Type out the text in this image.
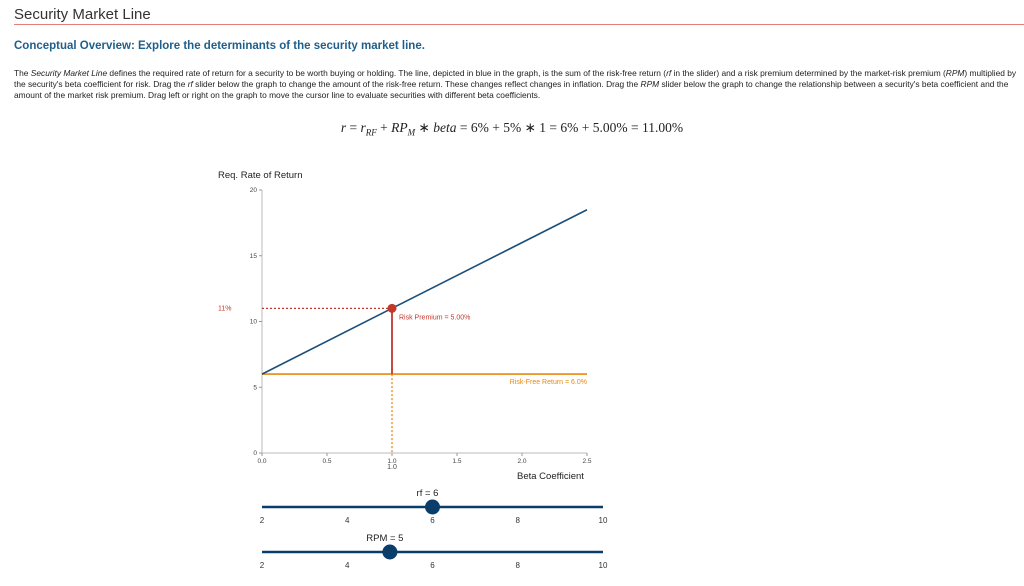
Security Market Line
Conceptual Overview: Explore the determinants of the security market line.
The Security Market Line defines the required rate of return for a security to be worth buying or holding. The line, depicted in blue in the graph, is the sum of the risk-free return (rf in the slider) and a risk premium determined by the market-risk premium (RPM) multiplied by the security's beta coefficient for risk. Drag the rf slider below the graph to change the amount of the risk-free return. These changes reflect changes in inflation. Drag the RPM slider below the graph to change the relationship between a security's beta coefficient and the amount of the market risk premium. Drag left or right on the graph to move the cursor line to evaluate securities with different beta coefficients.
$r = r_{RF} + RP_M$ ∗ beta = 6% + 5% ∗ 1 = 6% + 5.00% = 11.00%
Req. Rate of Return
Beta Coefficient
0
5
10
15
20
0.0	0.5	1.0	1.5	2.0	2.5
11%
Risk Premium = 5.00%
Risk-Free Return = 6.0%
1.0
rf = 6
2	4	6	8	10
RPM = 5
2	4	6	8	10
